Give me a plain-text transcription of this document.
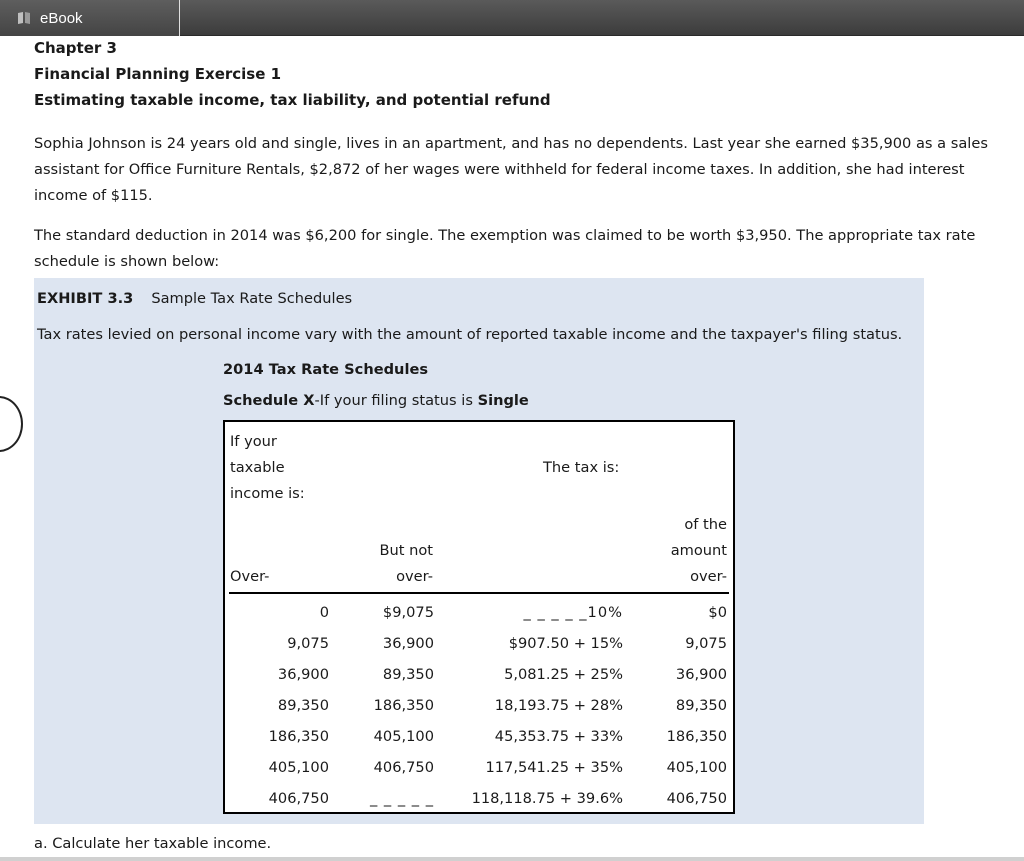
eBook
Chapter 3
Financial Planning Exercise 1
Estimating taxable income, tax liability, and potential refund

Sophia Johnson is 24 years old and single, lives in an apartment, and has no dependents. Last year she earned $35,900 as a sales assistant for Office Furniture Rentals, $2,872 of her wages were withheld for federal income taxes. In addition, she had interest income of $115.

The standard deduction in 2014 was $6,200 for single. The exemption was claimed to be worth $3,950. The appropriate tax rate schedule is shown below:

EXHIBIT 3.3 Sample Tax Rate Schedules
Tax rates levied on personal income vary with the amount of reported taxable income and the taxpayer's filing status.
2014 Tax Rate Schedules
Schedule X-If your filing status is Single
If your taxable income is:
The tax is:
of the amount over-
But not over-
Over-
0	$9,075	_ _ _ _ _10%	$0
9,075	36,900	$907.50 + 15%	9,075
36,900	89,350	5,081.25 + 25%	36,900
89,350	186,350	18,193.75 + 28%	89,350
186,350	405,100	45,353.75 + 33%	186,350
405,100	406,750	117,541.25 + 35%	405,100
406,750	_ _ _ _ _	118,118.75 + 39.6%	406,750
a. Calculate her taxable income.
